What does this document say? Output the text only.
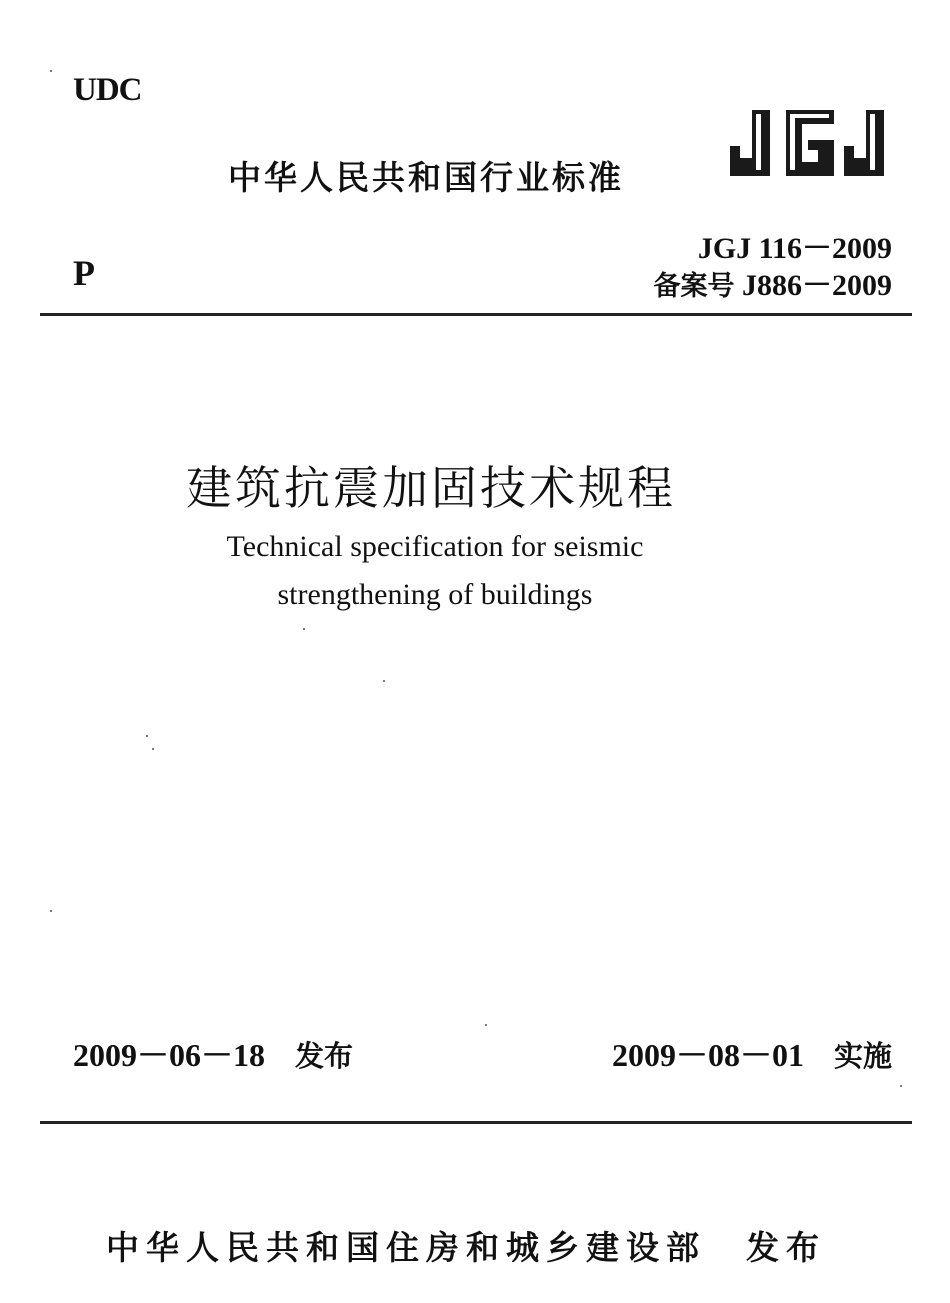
UDC
中华人民共和国行业标准
JGJ 116－2009
P	备案号 J886－2009
建筑抗震加固技术规程
Technical specification for seismic
strengthening of buildings
2009－06－18 发布	2009－08－01 实施
中华人民共和国住房和城乡建设部 发布
